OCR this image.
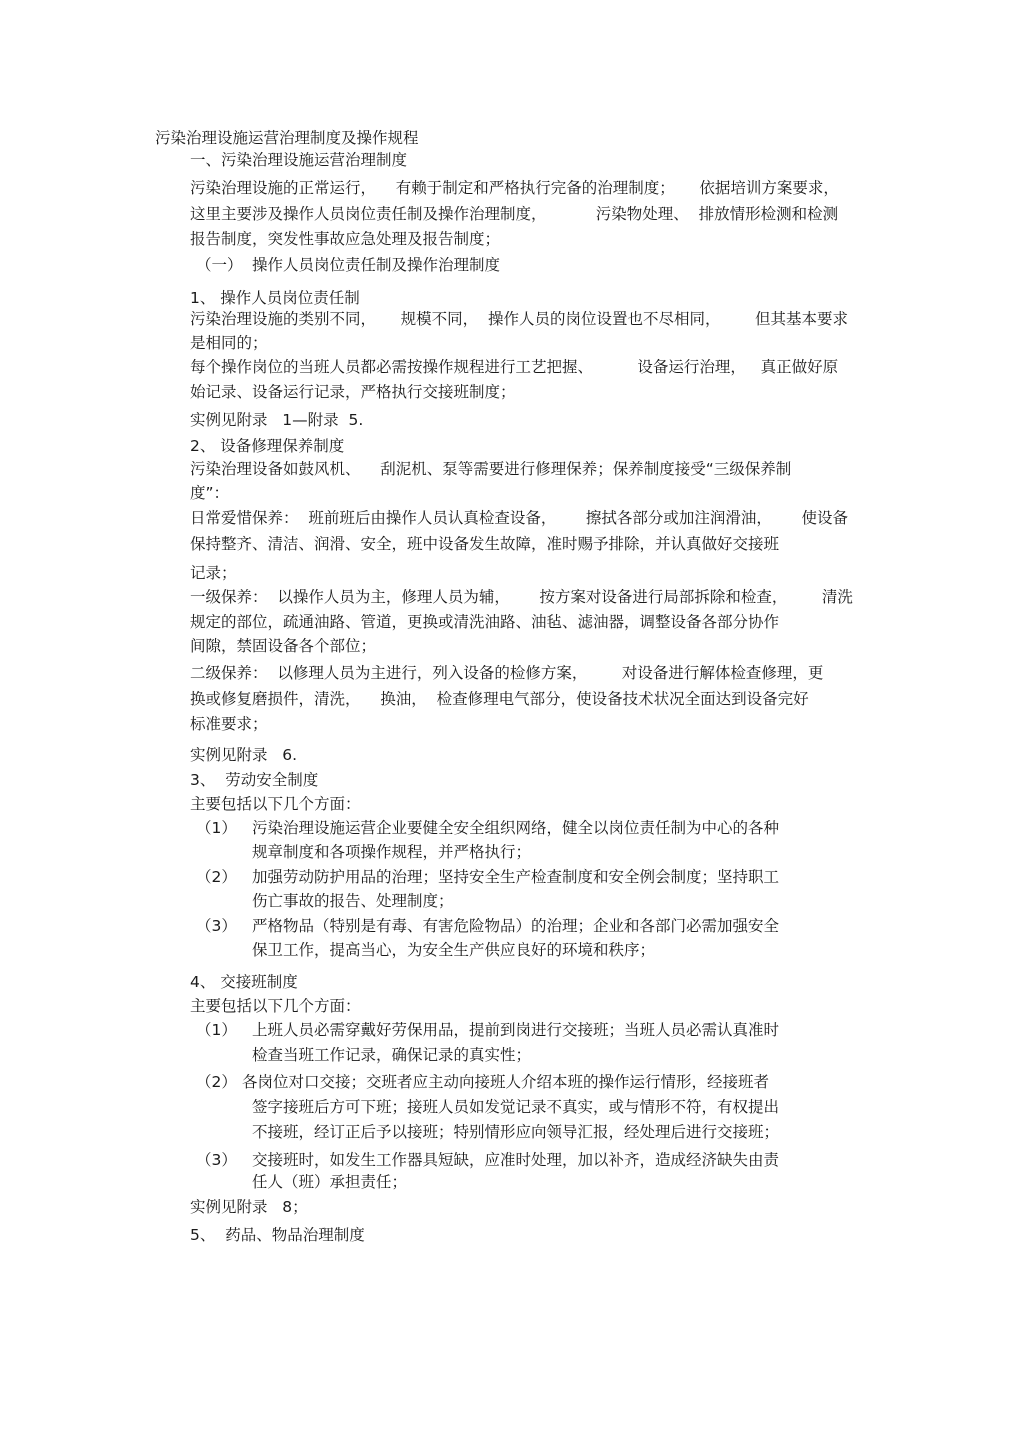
污染治理设施运营治理制度及操作规程
一、污染治理设施运营治理制度
污染治理设施的正常运行，    有赖于制定和严格执行完备的治理制度；     依据培训方案要求，
这里主要涉及操作人员岗位责任制及操作治理制度，          污染物处理、  排放情形检测和检测
报告制度，突发性事故应急处理及报告制度；
（一） 操作人员岗位责任制及操作治理制度
1、 操作人员岗位责任制
污染治理设施的类别不同，     规模不同，  操作人员的岗位设置也不尽相同，       但其基本要求
是相同的；
每个操作岗位的当班人员都必需按操作规程进行工艺把握、         设备运行治理，   真正做好原
始记录、设备运行记录，严格执行交接班制度；
实例见附录   1—附录  5.
2、 设备修理保养制度
污染治理设备如鼓风机、    刮泥机、泵等需要进行修理保养；保养制度接受“三级保养制
度”：
日常爱惜保养：  班前班后由操作人员认真检查设备，      擦拭各部分或加注润滑油，      使设备
保持整齐、清洁、润滑、安全，班中设备发生故障，准时赐予排除，并认真做好交接班
记录；
一级保养：  以操作人员为主，修理人员为辅，      按方案对设备进行局部拆除和检查，       清洗
规定的部位，疏通油路、管道，更换或清洗油路、油毡、滤油器，调整设备各部分协作
间隙，禁固设备各个部位；
二级保养：  以修理人员为主进行，列入设备的检修方案，       对设备进行解体检查修理，更
换或修复磨损件，清洗，    换油，  检查修理电气部分，使设备技术状况全面达到设备完好
标准要求；
实例见附录   6.
3、  劳动安全制度
主要包括以下几个方面：
（1） 污染治理设施运营企业要健全安全组织网络，健全以岗位责任制为中心的各种
规章制度和各项操作规程，并严格执行；
（2） 加强劳动防护用品的治理；坚持安全生产检查制度和安全例会制度；坚持职工
伤亡事故的报告、处理制度；
（3） 严格物品（特别是有毒、有害危险物品）的治理；企业和各部门必需加强安全
保卫工作，提高当心，为安全生产供应良好的环境和秩序；
4、 交接班制度
主要包括以下几个方面：
（1） 上班人员必需穿戴好劳保用品，提前到岗进行交接班；当班人员必需认真准时
检查当班工作记录，确保记录的真实性；
（2） 各岗位对口交接；交班者应主动向接班人介绍本班的操作运行情形，经接班者
签字接班后方可下班；接班人员如发觉记录不真实，或与情形不符，有权提出
不接班，经订正后予以接班；特别情形应向领导汇报，经处理后进行交接班；
（3） 交接班时，如发生工作器具短缺，应准时处理，加以补齐，造成经济缺失由责
任人（班）承担责任；
实例见附录   8；
5、  药品、物品治理制度
